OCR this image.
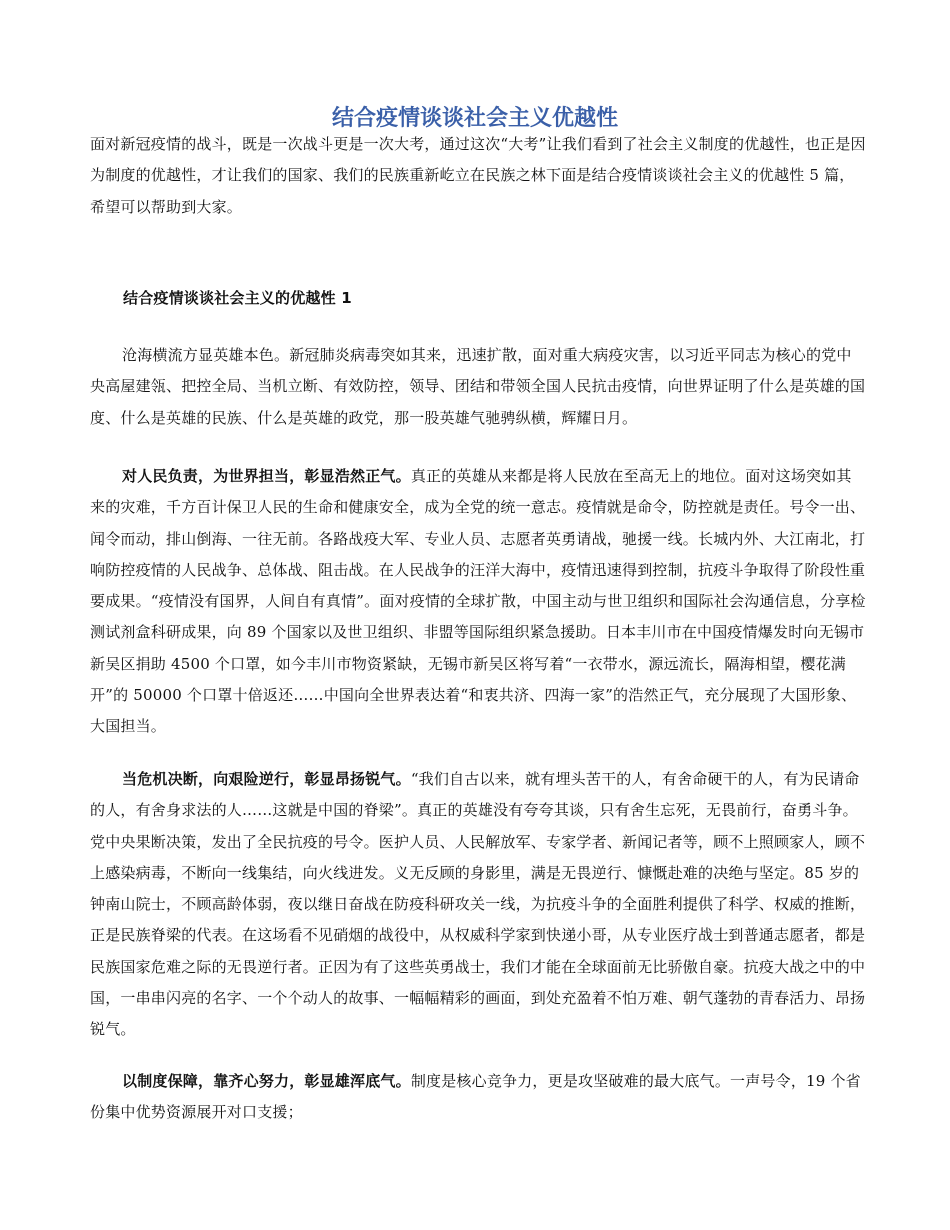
结合疫情谈谈社会主义优越性

面对新冠疫情的战斗，既是一次战斗更是一次大考，通过这次“大考”让我们看到了社会主义制度的优越性，也正是因为制度的优越性，才让我们的国家、我们的民族重新屹立在民族之林下面是结合疫情谈谈社会主义的优越性 5 篇，希望可以帮助到大家。

结合疫情谈谈社会主义的优越性 1

沧海横流方显英雄本色。新冠肺炎病毒突如其来，迅速扩散，面对重大病疫灾害，以习近平同志为核心的党中央高屋建瓴、把控全局、当机立断、有效防控，领导、团结和带领全国人民抗击疫情，向世界证明了什么是英雄的国度、什么是英雄的民族、什么是英雄的政党，那一股英雄气驰骋纵横，辉耀日月。

对人民负责，为世界担当，彰显浩然正气。真正的英雄从来都是将人民放在至高无上的地位。面对这场突如其来的灾难，千方百计保卫人民的生命和健康安全，成为全党的统一意志。疫情就是命令，防控就是责任。号令一出、闻令而动，排山倒海、一往无前。各路战疫大军、专业人员、志愿者英勇请战，驰援一线。长城内外、大江南北，打响防控疫情的人民战争、总体战、阻击战。在人民战争的汪洋大海中，疫情迅速得到控制，抗疫斗争取得了阶段性重要成果。“疫情没有国界，人间自有真情”。面对疫情的全球扩散，中国主动与世卫组织和国际社会沟通信息，分享检测试剂盒科研成果，向 89 个国家以及世卫组织、非盟等国际组织紧急援助。日本丰川市在中国疫情爆发时向无锡市新吴区捐助 4500 个口罩，如今丰川市物资紧缺，无锡市新吴区将写着“一衣带水，源远流长，隔海相望，樱花满开”的 50000 个口罩十倍返还……中国向全世界表达着“和衷共济、四海一家”的浩然正气，充分展现了大国形象、大国担当。

当危机决断，向艰险逆行，彰显昂扬锐气。“我们自古以来，就有埋头苦干的人，有舍命硬干的人，有为民请命的人，有舍身求法的人……这就是中国的脊梁”。真正的英雄没有夸夸其谈，只有舍生忘死，无畏前行，奋勇斗争。党中央果断决策，发出了全民抗疫的号令。医护人员、人民解放军、专家学者、新闻记者等，顾不上照顾家人，顾不上感染病毒，不断向一线集结，向火线进发。义无反顾的身影里，满是无畏逆行、慷慨赴难的决绝与坚定。85 岁的钟南山院士，不顾高龄体弱，夜以继日奋战在防疫科研攻关一线，为抗疫斗争的全面胜利提供了科学、权威的推断，正是民族脊梁的代表。在这场看不见硝烟的战役中，从权威科学家到快递小哥，从专业医疗战士到普通志愿者，都是民族国家危难之际的无畏逆行者。正因为有了这些英勇战士，我们才能在全球面前无比骄傲自豪。抗疫大战之中的中国，一串串闪亮的名字、一个个动人的故事、一幅幅精彩的画面，到处充盈着不怕万难、朝气蓬勃的青春活力、昂扬锐气。

以制度保障，靠齐心努力，彰显雄浑底气。制度是核心竞争力，更是攻坚破难的最大底气。一声号令，19 个省份集中优势资源展开对口支援；
